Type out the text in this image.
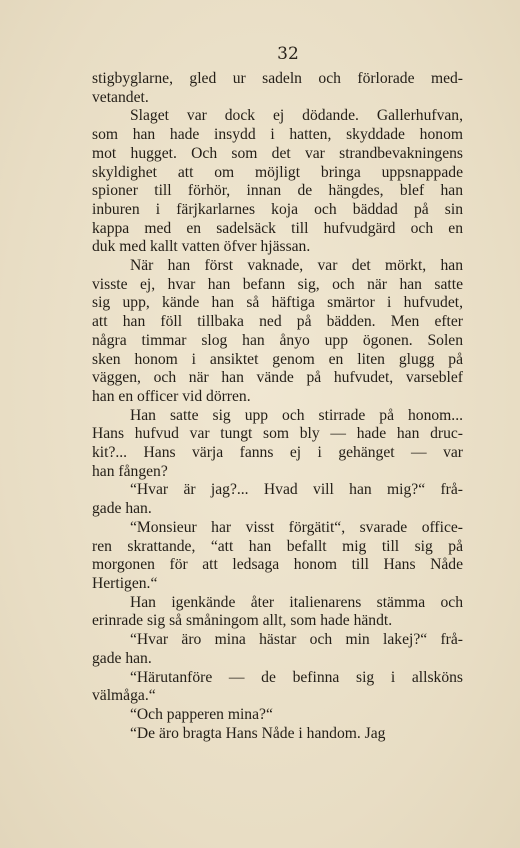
32
stigbyglarne, gled ur sadeln och förlorade med-
vetandet.
Slaget var dock ej dödande. Gallerhufvan,
som han hade insydd i hatten, skyddade honom
mot hugget. Och som det var strandbevakningens
skyldighet att om möjligt bringa uppsnappade
spioner till förhör, innan de hängdes, blef han
inburen i färjkarlarnes koja och bäddad på sin
kappa med en sadelsäck till hufvudgärd och en
duk med kallt vatten öfver hjässan.
När han först vaknade, var det mörkt, han
visste ej, hvar han befann sig, och när han satte
sig upp, kände han så häftiga smärtor i hufvudet,
att han föll tillbaka ned på bädden. Men efter
några timmar slog han ånyo upp ögonen. Solen
sken honom i ansiktet genom en liten glugg på
väggen, och när han vände på hufvudet, varseblef
han en officer vid dörren.
Han satte sig upp och stirrade på honom...
Hans hufvud var tungt som bly — hade han druc-
kit?... Hans värja fanns ej i gehänget — var
han fången?
“Hvar är jag?... Hvad vill han mig?“ frå-
gade han.
“Monsieur har visst förgätit“, svarade office-
ren skrattande, “att han befallt mig till sig på
morgonen för att ledsaga honom till Hans Nåde
Hertigen.“
Han igenkände åter italienarens stämma och
erinrade sig så småningom allt, som hade händt.
“Hvar äro mina hästar och min lakej?“ frå-
gade han.
“Härutanföre — de befinna sig i allsköns
välmåga.“
“Och papperen mina?“
“De äro bragta Hans Nåde i handom. Jag
